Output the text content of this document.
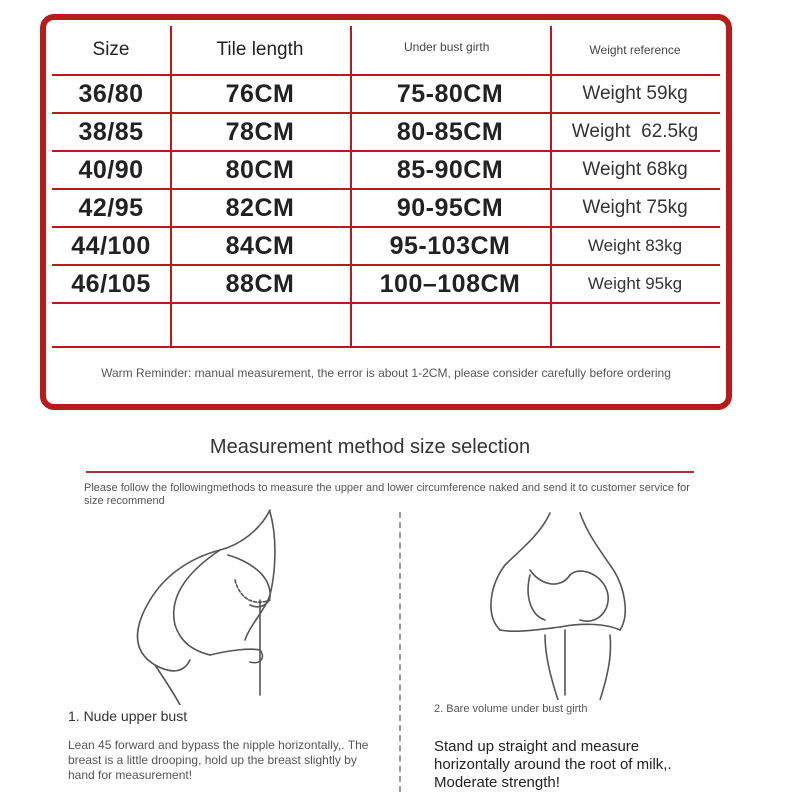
Size	Tile length	Under bust girth	Weight reference
36/80	76CM	75-80CM	Weight 59kg
38/85	78CM	80-85CM	Weight  62.5kg
40/90	80CM	85-90CM	Weight 68kg
42/95	82CM	90-95CM	Weight 75kg
44/100	84CM	95-103CM	Weight 83kg
46/105	88CM	100–108CM	Weight 95kg
Warm Reminder: manual measurement, the error is about 1-2CM, please consider carefully before ordering
Measurement method size selection
Please follow the followingmethods to measure the upper and lower circumference naked and send it to customer service for size recommend
1. Nude upper bust
Lean 45 forward and bypass the nipple horizontally,. The breast is a little drooping, hold up the breast slightly by hand for measurement!
2. Bare volume under bust girth
Stand up straight and measure horizontally around the root of milk,. Moderate strength!
